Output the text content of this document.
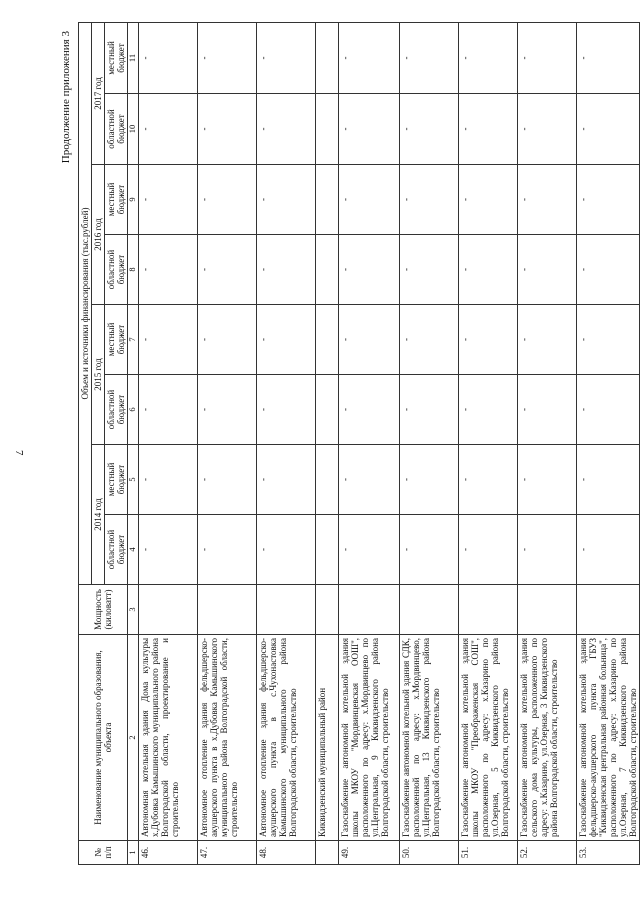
7
Продолжение приложения 3
№ п/п	Наименование муниципального образования, объекта	Мощность (киловатт)	Объем и источники финансирования (тыс.рублей)							
			2014 год		2015 год		2016 год		2017 год	
			областной бюджет	местный бюджет	областной бюджет	местный бюджет	областной бюджет	местный бюджет	областной бюджет	местный бюджет
1	2	3	4	5	6	7	8	9	10	11
46.	Автономная котельная здания Дома культуры х.Дубовка Камышинского муниципального района Волгоградской области, проектирование и строительство		-	-	-	-	-	-	-	-
47.	Автономное отопление здания фельдшерско-акушерского пункта в х.Дубовка Камышинского муниципального района Волгоградской области, строительство		-	-	-	-	-	-	-	-
48.	Автономное отопление здания фельдшерско-акушерского пункта в с.Чухонастовка Камышинского муниципального района Волгоградской области, строительство		-	-	-	-	-	-	-	-
	Киквидзенский муниципальный район									
49.	Газоснабжение автономной котельной здания школы МКОУ "Мордвинцевская ООШ", расположенного по адресу: х.Мордвинцево по ул.Центральная, 9 Киквидзенского района Волгоградской области, строительство		-	-	-	-	-	-	-	-
50.	Газоснабжение автономной котельной здания СДК, расположенной по адресу: х.Мордвинцево, ул.Центральная, 13 Киквидзенского района Волгоградской области, строительство		-	-	-	-	-	-	-	-
51.	Газоснабжение автономной котельной здания школы МКОУ "Преображенская СОШ", расположенного по адресу: х.Казарино по ул.Озерная, 5 Киквидзенского района Волгоградской области, строительство		-	-	-	-	-	-	-	-
52.	Газоснабжение автономной котельной здания сельского дома культуры, расположенного по адресу: х.Казарино, ул.Озерная, 3 Киквидзенского района Волгоградской области, строительство		-	-	-	-	-	-	-	-
53.	Газоснабжение автономной котельной здания фельдшерско-акушерского пункта ГБУЗ "Киквидзенская центральная районная больница", расположенного по адресу: х.Казарино по ул.Озерная, 7 Киквидзенского района Волгоградской области, строительство		-	-	-	-	-	-	-	-
